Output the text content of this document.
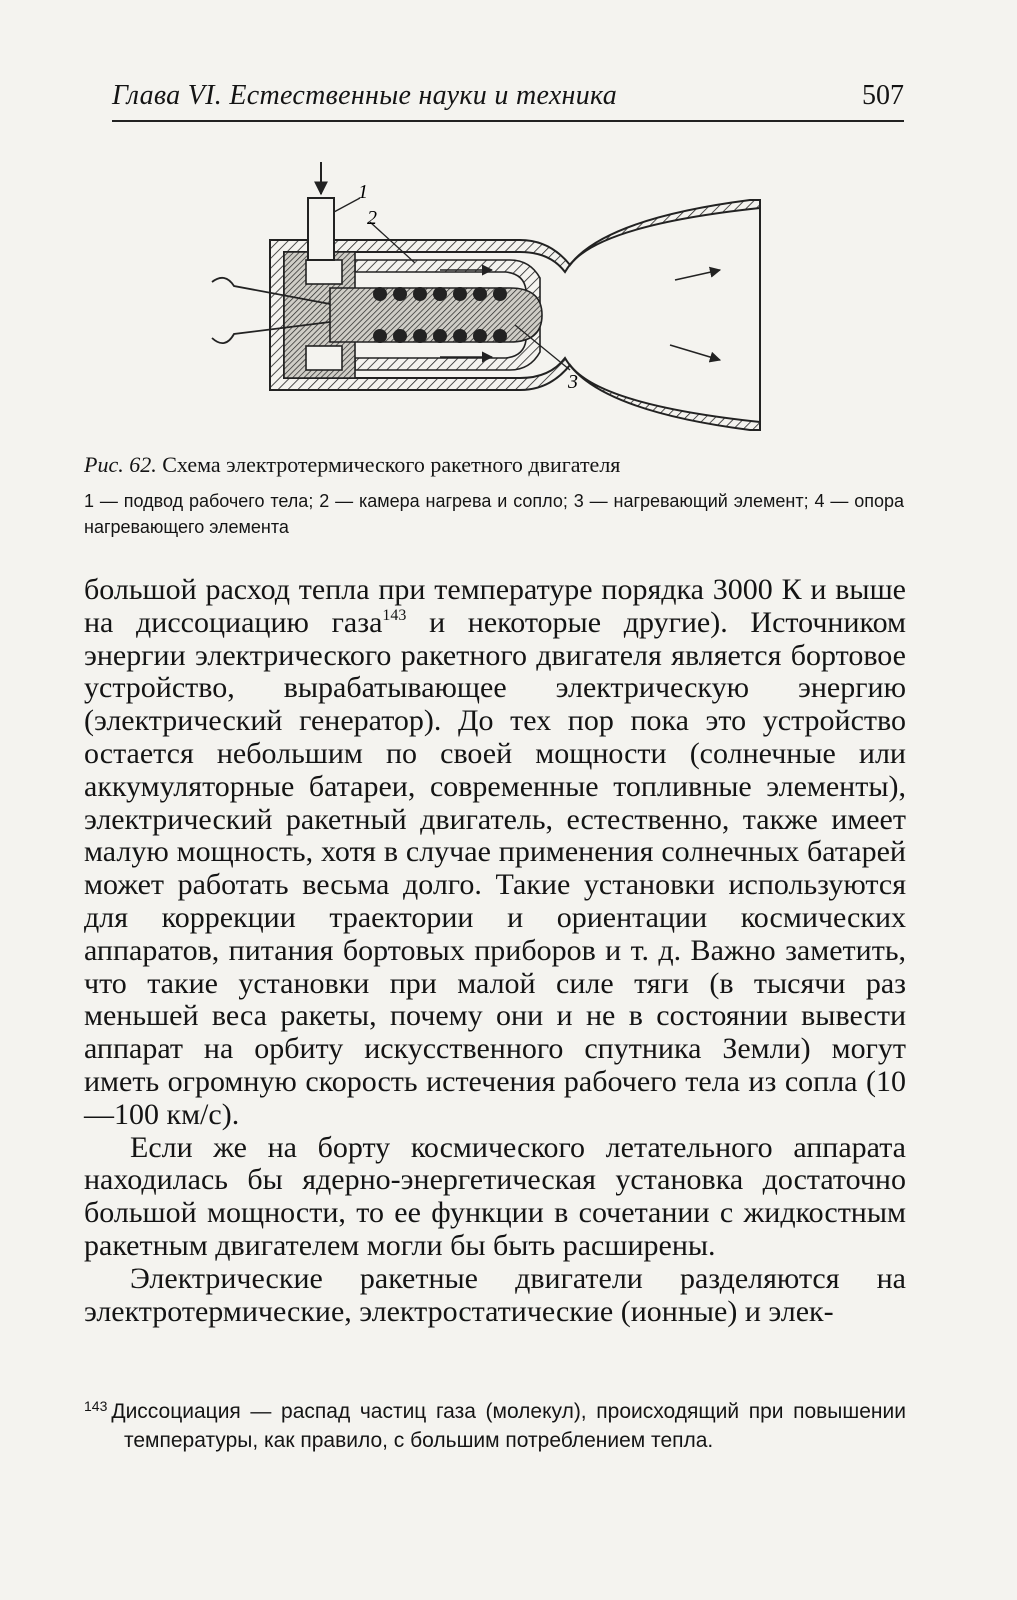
Глава VI. Естественные науки и техника	507
1
2
3
Рис. 62. Схема электротермического ракетного двигателя
1 — подвод рабочего тела; 2 — камера нагрева и сопло; 3 — нагревающий элемент; 4 — опора нагревающего элемента

большой расход тепла при температуре порядка 3000 К и выше на диссоциацию газа$^{143}$ и некоторые другие). Источником энергии электрического ракетного двигателя является бортовое устройство, вырабатывающее электрическую энергию (электрический генератор). До тех пор пока это устройство остается небольшим по своей мощности (солнечные или аккумуляторные батареи, современные топливные элементы), электрический ракетный двигатель, естественно, также имеет малую мощность, хотя в случае применения солнечных батарей может работать весьма долго. Такие установки используются для коррекции траектории и ориентации космических аппаратов, питания бортовых приборов и т. д. Важно заметить, что такие установки при малой силе тяги (в тысячи раз меньшей веса ракеты, почему они и не в состоянии вывести аппарат на орбиту искусственного спутника Земли) могут иметь огромную скорость истечения рабочего тела из сопла (10—100 км/с).

Если же на борту космического летательного аппарата находилась бы ядерно-энергетическая установка достаточно большой мощности, то ее функции в сочетании с жидкостным ракетным двигателем могли бы быть расширены.

Электрические ракетные двигатели разделяются на электротермические, электростатические (ионные) и элек-

$^{143}$ Диссоциация — распад частиц газа (молекул), происходящий при повышении температуры, как правило, с большим потреблением тепла.
